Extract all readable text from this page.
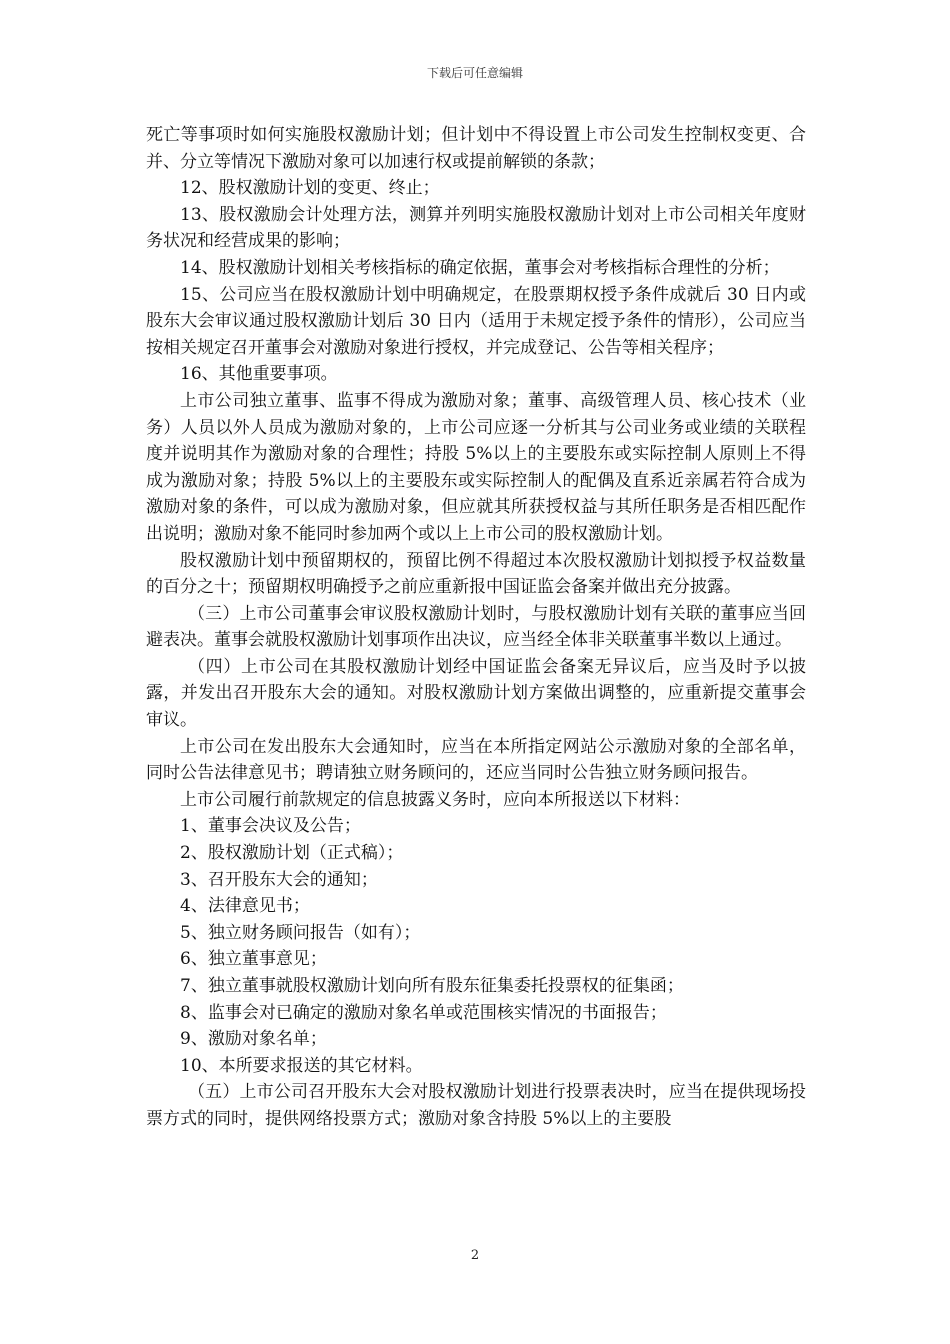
下载后可任意编辑

死亡等事项时如何实施股权激励计划；但计划中不得设置上市公司发生控制权变更、合并、分立等情况下激励对象可以加速行权或提前解锁的条款；

12、股权激励计划的变更、终止；

13、股权激励会计处理方法，测算并列明实施股权激励计划对上市公司相关年度财务状况和经营成果的影响；

14、股权激励计划相关考核指标的确定依据，董事会对考核指标合理性的分析；

15、公司应当在股权激励计划中明确规定，在股票期权授予条件成就后 30 日内或股东大会审议通过股权激励计划后 30 日内（适用于未规定授予条件的情形），公司应当按相关规定召开董事会对激励对象进行授权，并完成登记、公告等相关程序；

16、其他重要事项。

上市公司独立董事、监事不得成为激励对象；董事、高级管理人员、核心技术（业务）人员以外人员成为激励对象的，上市公司应逐一分析其与公司业务或业绩的关联程度并说明其作为激励对象的合理性；持股 5%以上的主要股东或实际控制人原则上不得成为激励对象；持股 5%以上的主要股东或实际控制人的配偶及直系近亲属若符合成为激励对象的条件，可以成为激励对象，但应就其所获授权益与其所任职务是否相匹配作出说明；激励对象不能同时参加两个或以上上市公司的股权激励计划。

股权激励计划中预留期权的，预留比例不得超过本次股权激励计划拟授予权益数量的百分之十；预留期权明确授予之前应重新报中国证监会备案并做出充分披露。

（三）上市公司董事会审议股权激励计划时，与股权激励计划有关联的董事应当回避表决。董事会就股权激励计划事项作出决议，应当经全体非关联董事半数以上通过。

（四）上市公司在其股权激励计划经中国证监会备案无异议后，应当及时予以披露，并发出召开股东大会的通知。对股权激励计划方案做出调整的，应重新提交董事会审议。

上市公司在发出股东大会通知时，应当在本所指定网站公示激励对象的全部名单，同时公告法律意见书；聘请独立财务顾问的，还应当同时公告独立财务顾问报告。

上市公司履行前款规定的信息披露义务时，应向本所报送以下材料：

1、董事会决议及公告；

2、股权激励计划（正式稿）；

3、召开股东大会的通知；

4、法律意见书；

5、独立财务顾问报告（如有）；

6、独立董事意见；

7、独立董事就股权激励计划向所有股东征集委托投票权的征集函；

8、监事会对已确定的激励对象名单或范围核实情况的书面报告；

9、激励对象名单；

10、本所要求报送的其它材料。

（五）上市公司召开股东大会对股权激励计划进行投票表决时，应当在提供现场投票方式的同时，提供网络投票方式；激励对象含持股 5%以上的主要股

2
